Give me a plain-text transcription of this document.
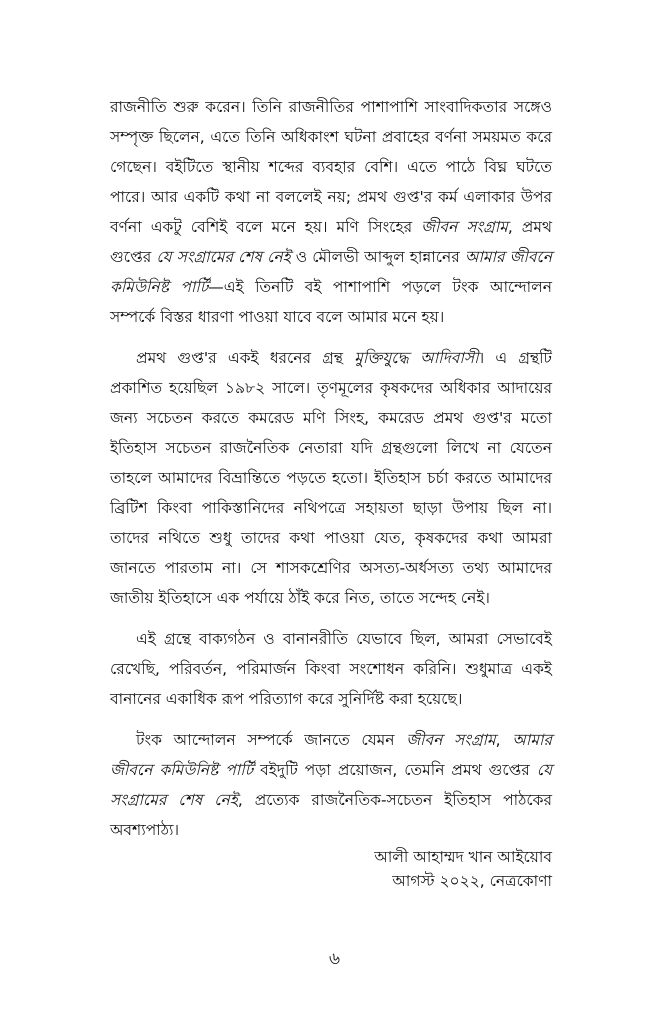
রাজনীতি শুরু করেন। তিনি রাজনীতির পাশাপাশি সাংবাদিকতার সঙ্গেও সম্পৃক্ত ছিলেন, এতে তিনি অধিকাংশ ঘটনা প্রবাহের বর্ণনা সময়মত করে গেছেন। বইটিতে স্থানীয় শব্দের ব্যবহার বেশি। এতে পাঠে বিঘ্ন ঘটতে পারে। আর একটি কথা না বললেই নয়; প্রমথ গুপ্ত'র কর্ম এলাকার উপর বর্ণনা একটু বেশিই বলে মনে হয়। মণি সিংহের জীবন সংগ্রাম, প্রমথ গুপ্তের যে সংগ্রামের শেষ নেই ও মৌলভী আব্দুল হান্নানের আমার জীবনে কমিউনিষ্ট পার্টি—এই তিনটি বই পাশাপাশি পড়লে টংক আন্দোলন সম্পর্কে বিস্তর ধারণা পাওয়া যাবে বলে আমার মনে হয়।

প্রমথ গুপ্ত'র একই ধরনের গ্রন্থ মুক্তিযুদ্ধে আদিবাসী। এ গ্রন্থটি প্রকাশিত হয়েছিল ১৯৮২ সালে। তৃণমূলের কৃষকদের অধিকার আদায়ের জন্য সচেতন করতে কমরেড মণি সিংহ, কমরেড প্রমথ গুপ্ত'র মতো ইতিহাস সচেতন রাজনৈতিক নেতারা যদি গ্রন্থগুলো লিখে না যেতেন তাহলে আমাদের বিভ্রান্তিতে পড়তে হতো। ইতিহাস চর্চা করতে আমাদের ব্রিটিশ কিংবা পাকিস্তানিদের নথিপত্রে সহায়তা ছাড়া উপায় ছিল না। তাদের নথিতে শুধু তাদের কথা পাওয়া যেত, কৃষকদের কথা আমরা জানতে পারতাম না। সে শাসকশ্রেণির অসত্য-অর্ধসত্য তথ্য আমাদের জাতীয় ইতিহাসে এক পর্যায়ে ঠাঁই করে নিত, তাতে সন্দেহ নেই।

এই গ্রন্থে বাক্যগঠন ও বানানরীতি যেভাবে ছিল, আমরা সেভাবেই রেখেছি, পরিবর্তন, পরিমার্জন কিংবা সংশোধন করিনি। শুধুমাত্র একই বানানের একাধিক রূপ পরিত্যাগ করে সুনির্দিষ্ট করা হয়েছে।

টংক আন্দোলন সম্পর্কে জানতে যেমন জীবন সংগ্রাম, আমার জীবনে কমিউনিষ্ট পার্টি বইদুটি পড়া প্রয়োজন, তেমনি প্রমথ গুপ্তের যে সংগ্রামের শেষ নেই, প্রত্যেক রাজনৈতিক-সচেতন ইতিহাস পাঠকের অবশ্যপাঠ্য।

আলী আহাম্মদ খান আইয়োব
আগস্ট ২০২২, নেত্রকোণা
৬
